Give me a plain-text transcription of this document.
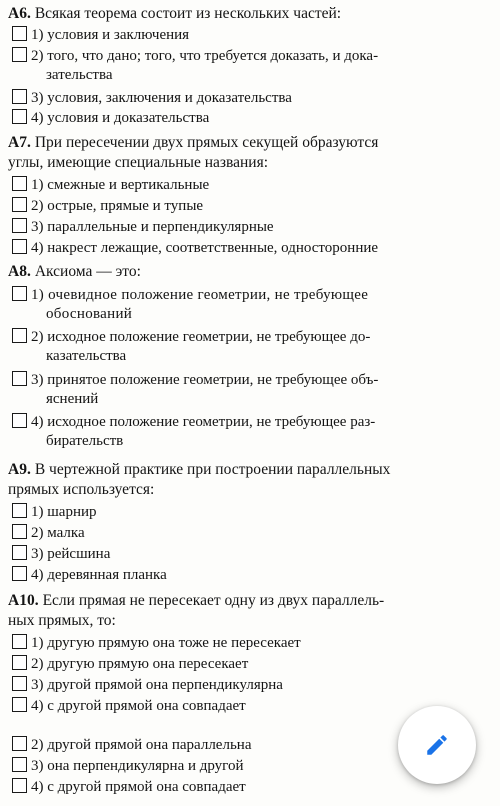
А6. Всякая теорема состоит из нескольких частей:

1) условия и заключения
2) того, что дано; того, что требуется доказать, и дока-
зательства
3) условия, заключения и доказательства
4) условия и доказательства

А7. При пересечении двух прямых секущей образуются

углы, имеющие специальные названия:

1) смежные и вертикальные
2) острые, прямые и тупые
3) параллельные и перпендикулярные
4) накрест лежащие, соответственные, односторонние

А8. Аксиома — это:

1) очевидное положение геометрии, не требующее
обоснований
2) исходное положение геометрии, не требующее до-
казательства
3) принятое положение геометрии, не требующее объ-
яснений
4) исходное положение геометрии, не требующее раз-
бирательств

А9. В чертежной практике при построении параллельных

прямых используется:

1) шарнир
2) малка
3) рейсшина
4) деревянная планка

А10. Если прямая не пересекает одну из двух параллель-

ных прямых, то:

1) другую прямую она тоже не пересекает
2) другую прямую она пересекает
3) другой прямой она перпендикулярна
4) с другой прямой она совпадает
2) другой прямой она параллельна
3) она перпендикулярна и другой
4) с другой прямой она совпадает
